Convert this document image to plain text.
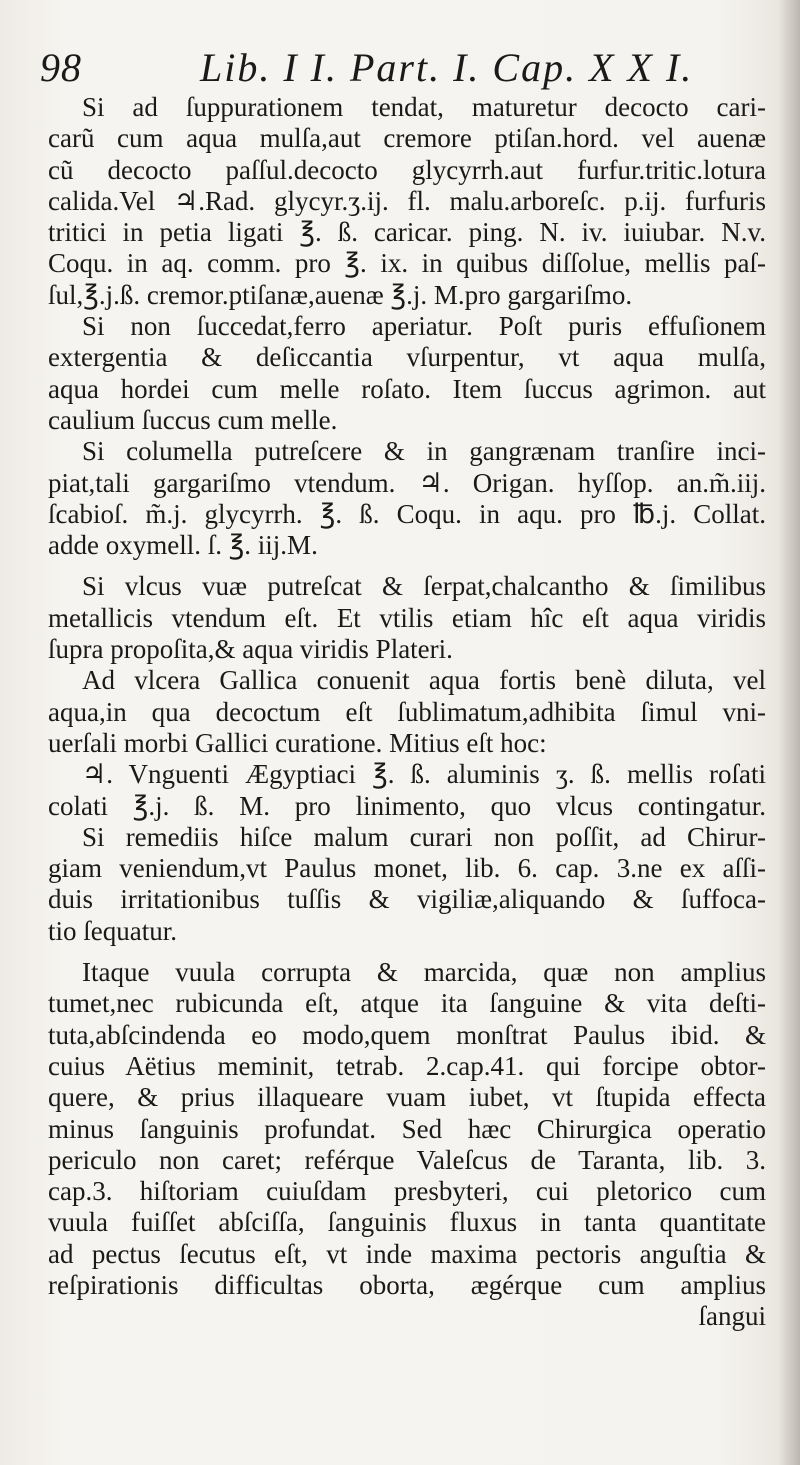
98	Lib. I I. Part. I. Cap. X X I.
Si ad ſuppurationem tendat, maturetur decocto cari-
carũ cum aqua mulſa,aut cremore ptiſan.hord. vel auenæ
cũ decocto paſſul.decocto glycyrrh.aut furfur.tritic.lotura
calida.Vel ♃.Rad. glycyr.ʒ.ij. fl. malu.arboreſc. p.ij. furfuris
tritici in petia ligati ℥. ß. caricar. ping. N. iv. iuiubar. N.v.
Coqu. in aq. comm. pro ℥. ix. in quibus diſſolue, mellis paſ-
ſul,℥.j.ß. cremor.ptiſanæ,auenæ ℥.j. M.pro gargariſmo.
Si non ſuccedat,ferro aperiatur. Poſt puris effuſionem
extergentia & deſiccantia vſurpentur, vt aqua mulſa,
aqua hordei cum melle roſato. Item ſuccus agrimon. aut
caulium ſuccus cum melle.
Si columella putreſcere & in gangrænam tranſire inci-
piat,tali gargariſmo vtendum. ♃. Origan. hyſſop. an.m̃.iij.
ſcabioſ. m̃.j. glycyrrh. ℥. ß. Coqu. in aqu. pro ℔.j. Collat.
adde oxymell. ſ. ℥. iij.M.
Si vlcus vuæ putreſcat & ſerpat,chalcantho & ſimilibus
metallicis vtendum eſt. Et vtilis etiam hîc eſt aqua viridis
ſupra propoſita,& aqua viridis Plateri.
Ad vlcera Gallica conuenit aqua fortis benè diluta, vel
aqua,in qua decoctum eſt ſublimatum,adhibita ſimul vni-
uerſali morbi Gallici curatione. Mitius eſt hoc:
♃. Vnguenti Ægyptiaci ℥. ß. aluminis ʒ. ß. mellis roſati
colati ℥.j. ß. M. pro linimento, quo vlcus contingatur.
Si remediis hiſce malum curari non poſſit, ad Chirur-
giam veniendum,vt Paulus monet, lib. 6. cap. 3.ne ex aſſi-
duis irritationibus tuſſis & vigiliæ,aliquando & ſuffoca-
tio ſequatur.
Itaque vuula corrupta & marcida, quæ non amplius
tumet,nec rubicunda eſt, atque ita ſanguine & vita deſti-
tuta,abſcindenda eo modo,quem monſtrat Paulus ibid. &
cuius Aëtius meminit, tetrab. 2.cap.41. qui forcipe obtor-
quere, & prius illaqueare vuam iubet, vt ſtupida effecta
minus ſanguinis profundat. Sed hæc Chirurgica operatio
periculo non caret; reférque Valeſcus de Taranta, lib. 3.
cap.3. hiſtoriam cuiuſdam presbyteri, cui pletorico cum
vuula fuiſſet abſciſſa, ſanguinis fluxus in tanta quantitate
ad pectus ſecutus eſt, vt inde maxima pectoris anguſtia &
reſpirationis difficultas oborta, ægérque cum amplius
ſangui
